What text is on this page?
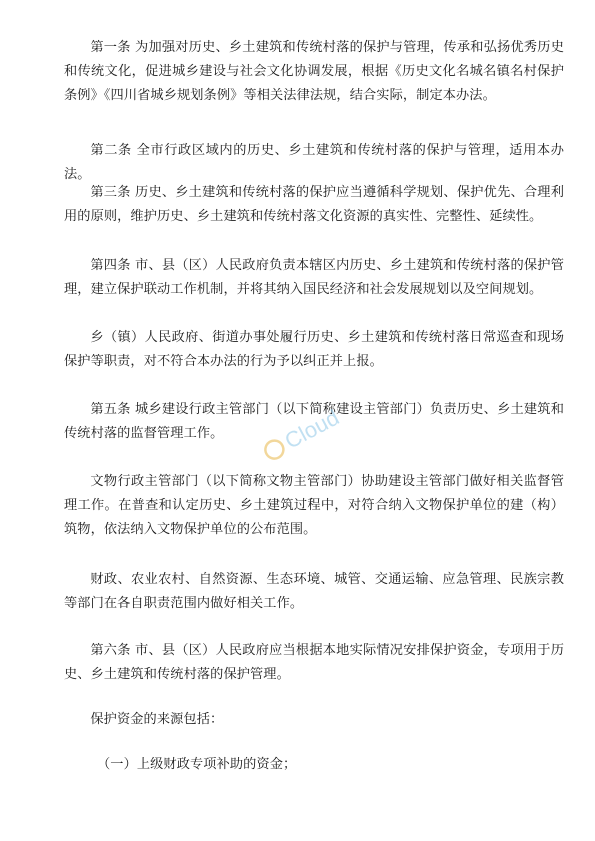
第一条 为加强对历史、乡土建筑和传统村落的保护与管理，传承和弘扬优秀历史和传统文化，促进城乡建设与社会文化协调发展，根据《历史文化名城名镇名村保护条例》《四川省城乡规划条例》等相关法律法规，结合实际，制定本办法。

第二条 全市行政区域内的历史、乡土建筑和传统村落的保护与管理，适用本办法。

第三条 历史、乡土建筑和传统村落的保护应当遵循科学规划、保护优先、合理利用的原则，维护历史、乡土建筑和传统村落文化资源的真实性、完整性、延续性。

第四条 市、县（区）人民政府负责本辖区内历史、乡土建筑和传统村落的保护管理，建立保护联动工作机制，并将其纳入国民经济和社会发展规划以及空间规划。

乡（镇）人民政府、街道办事处履行历史、乡土建筑和传统村落日常巡查和现场保护等职责，对不符合本办法的行为予以纠正并上报。

第五条 城乡建设行政主管部门（以下简称建设主管部门）负责历史、乡土建筑和传统村落的监督管理工作。

文物行政主管部门（以下简称文物主管部门）协助建设主管部门做好相关监督管理工作。在普查和认定历史、乡土建筑过程中，对符合纳入文物保护单位的建（构）筑物，依法纳入文物保护单位的公布范围。

财政、农业农村、自然资源、生态环境、城管、交通运输、应急管理、民族宗教等部门在各自职责范围内做好相关工作。

第六条 市、县（区）人民政府应当根据本地实际情况安排保护资金，专项用于历史、乡土建筑和传统村落的保护管理。

保护资金的来源包括：

（一）上级财政专项补助的资金；

Cloud
